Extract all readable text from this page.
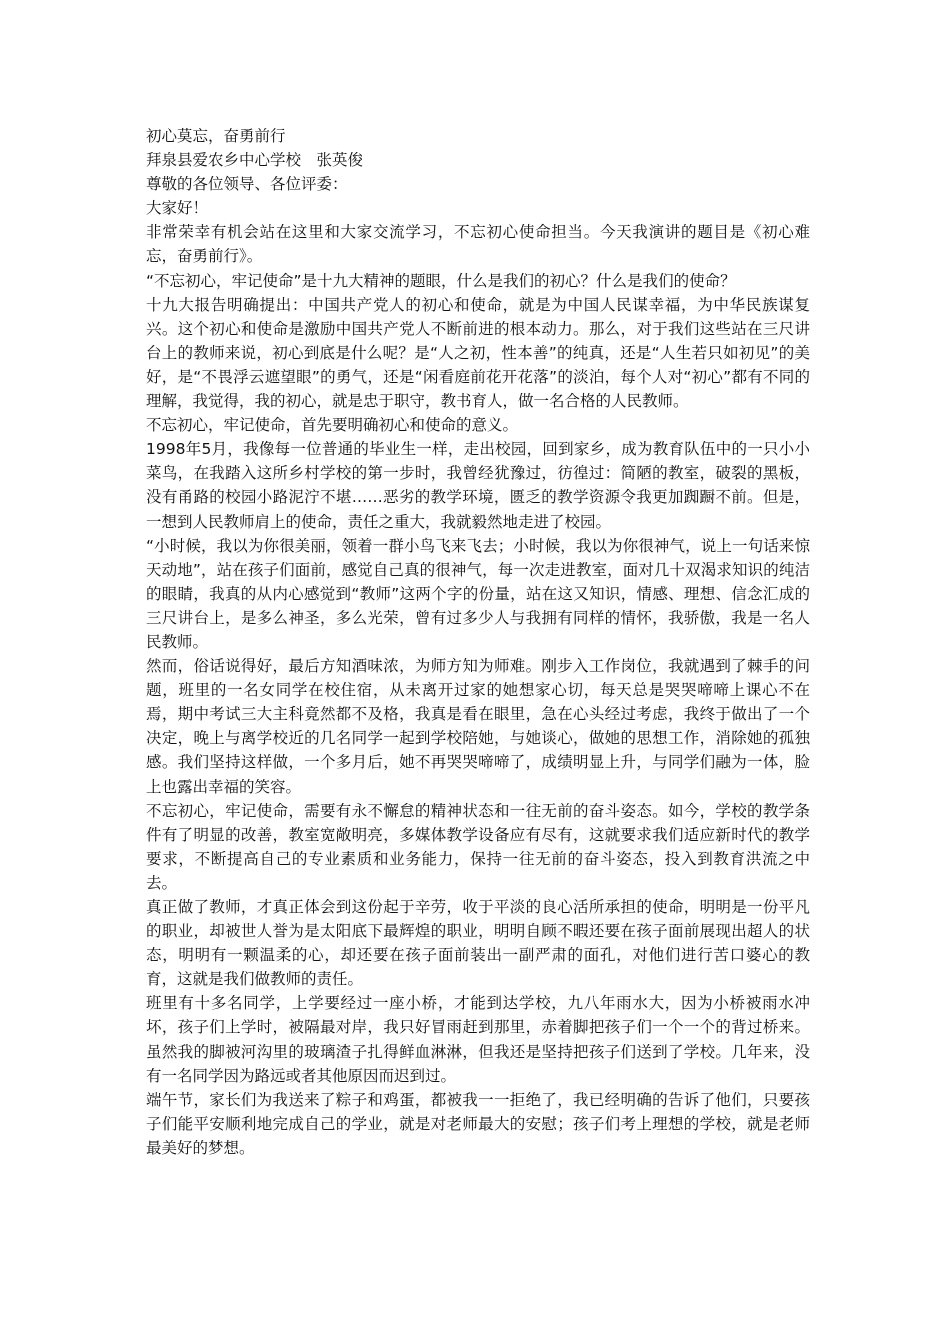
初心莫忘，奋勇前行

拜泉县爱农乡中心学校　张英俊

尊敬的各位领导、各位评委：

大家好！

非常荣幸有机会站在这里和大家交流学习，不忘初心使命担当。今天我演讲的题目是《初心难忘，奋勇前行》。

“不忘初心，牢记使命”是十九大精神的题眼，什么是我们的初心？什么是我们的使命？

十九大报告明确提出：中国共产党人的初心和使命，就是为中国人民谋幸福，为中华民族谋复兴。这个初心和使命是激励中国共产党人不断前进的根本动力。那么，对于我们这些站在三尺讲台上的教师来说，初心到底是什么呢？是“人之初，性本善”的纯真，还是“人生若只如初见”的美好，是“不畏浮云遮望眼”的勇气，还是“闲看庭前花开花落”的淡泊，每个人对“初心”都有不同的理解，我觉得，我的初心，就是忠于职守，教书育人，做一名合格的人民教师。

不忘初心，牢记使命，首先要明确初心和使命的意义。

1998年5月，我像每一位普通的毕业生一样，走出校园，回到家乡，成为教育队伍中的一只小小菜鸟，在我踏入这所乡村学校的第一步时，我曾经犹豫过，彷徨过：简陋的教室，破裂的黑板，没有甬路的校园小路泥泞不堪……恶劣的教学环境，匮乏的教学资源令我更加踟蹰不前。但是，一想到人民教师肩上的使命，责任之重大，我就毅然地走进了校园。

“小时候，我以为你很美丽，领着一群小鸟飞来飞去；小时候，我以为你很神气，说上一句话来惊天动地”，站在孩子们面前，感觉自己真的很神气，每一次走进教室，面对几十双渴求知识的纯洁的眼睛，我真的从内心感觉到“教师”这两个字的份量，站在这又知识，情感、理想、信念汇成的三尺讲台上，是多么神圣，多么光荣，曾有过多少人与我拥有同样的情怀，我骄傲，我是一名人民教师。

然而，俗话说得好，最后方知酒味浓，为师方知为师难。刚步入工作岗位，我就遇到了棘手的问题，班里的一名女同学在校住宿，从未离开过家的她想家心切，每天总是哭哭啼啼上课心不在焉，期中考试三大主科竟然都不及格，我真是看在眼里，急在心头经过考虑，我终于做出了一个决定，晚上与离学校近的几名同学一起到学校陪她，与她谈心，做她的思想工作，消除她的孤独感。我们坚持这样做，一个多月后，她不再哭哭啼啼了，成绩明显上升，与同学们融为一体，脸上也露出幸福的笑容。

不忘初心，牢记使命，需要有永不懈怠的精神状态和一往无前的奋斗姿态。如今，学校的教学条件有了明显的改善，教室宽敞明亮，多媒体教学设备应有尽有，这就要求我们适应新时代的教学要求，不断提高自己的专业素质和业务能力，保持一往无前的奋斗姿态，投入到教育洪流之中去。

真正做了教师，才真正体会到这份起于辛劳，收于平淡的良心活所承担的使命，明明是一份平凡的职业，却被世人誉为是太阳底下最辉煌的职业，明明自顾不暇还要在孩子面前展现出超人的状态，明明有一颗温柔的心，却还要在孩子面前装出一副严肃的面孔，对他们进行苦口婆心的教育，这就是我们做教师的责任。

班里有十多名同学，上学要经过一座小桥，才能到达学校，九八年雨水大，因为小桥被雨水冲坏，孩子们上学时，被隔最对岸，我只好冒雨赶到那里，赤着脚把孩子们一个一个的背过桥来。虽然我的脚被河沟里的玻璃渣子扎得鲜血淋淋，但我还是坚持把孩子们送到了学校。几年来，没有一名同学因为路远或者其他原因而迟到过。

端午节，家长们为我送来了粽子和鸡蛋，都被我一一拒绝了，我已经明确的告诉了他们，只要孩子们能平安顺利地完成自己的学业，就是对老师最大的安慰；孩子们考上理想的学校，就是老师最美好的梦想。
